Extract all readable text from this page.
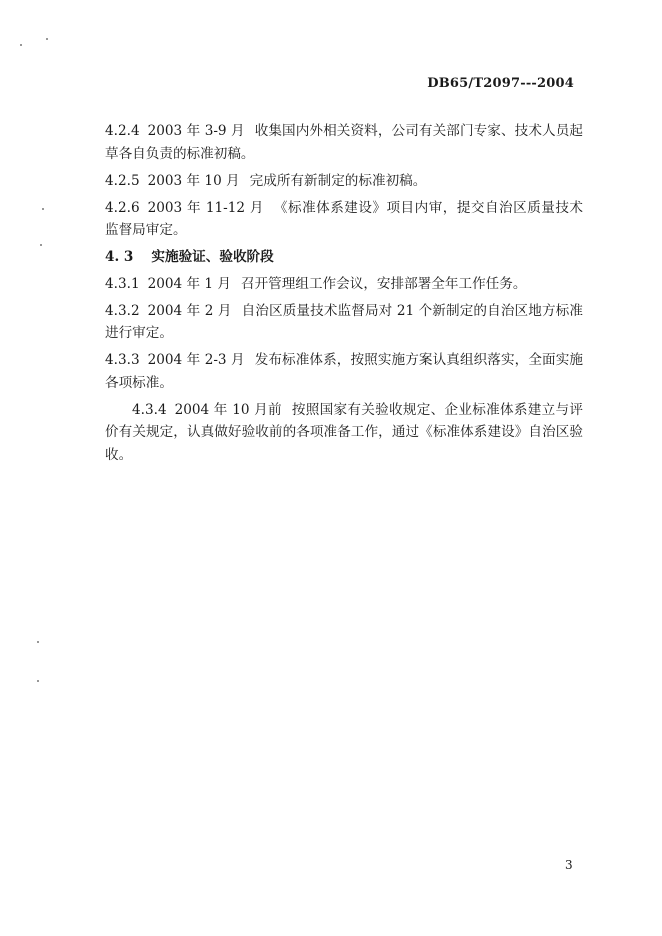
DB65/T2097---2004

4.2.4 2003 年 3-9 月 收集国内外相关资料，公司有关部门专家、技术人员起草各自负责的标准初稿。

4.2.5 2003 年 10 月 完成所有新制定的标准初稿。

4.2.6 2003 年 11-12 月 《标准体系建设》项目内审，提交自治区质量技术监督局审定。

4. 3 实施验证、验收阶段

4.3.1 2004 年 1 月 召开管理组工作会议，安排部署全年工作任务。

4.3.2 2004 年 2 月 自治区质量技术监督局对 21 个新制定的自治区地方标准进行审定。

4.3.3 2004 年 2-3 月 发布标准体系，按照实施方案认真组织落实，全面实施各项标准。

4.3.4 2004 年 10 月前 按照国家有关验收规定、企业标准体系建立与评价有关规定，认真做好验收前的各项准备工作，通过《标准体系建设》自治区验收。

3
